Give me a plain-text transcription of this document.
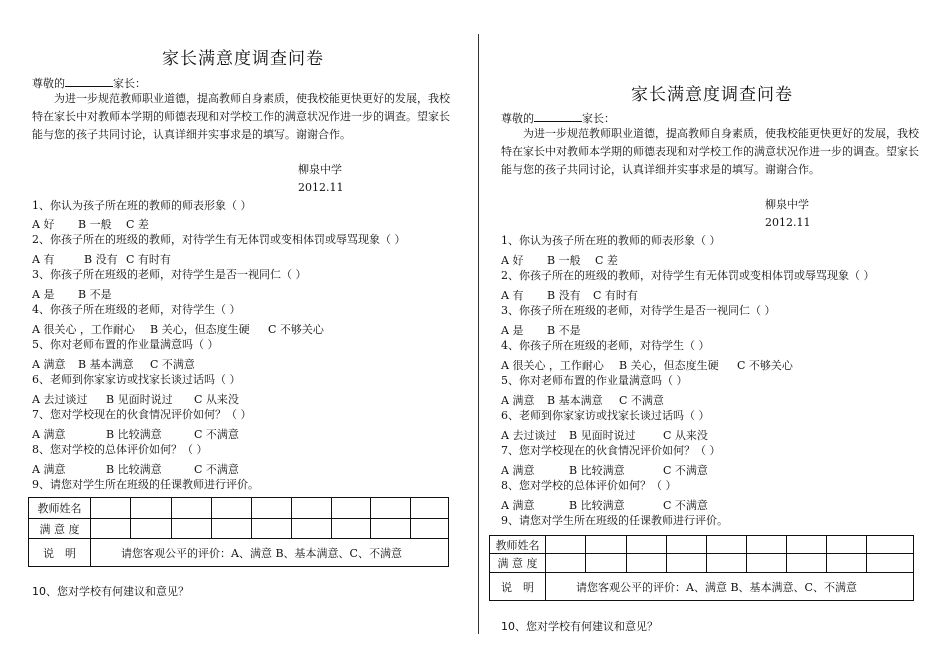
家长满意度调查问卷
尊敬的	家长：
为进一步规范教师职业道德，提高教师自身素质，使我校能更快更好的发展，我校特在家长中对教师本学期的师德表现和对学校工作的满意状况作进一步的调查。望家长能与您的孩子共同讨论，认真详细并实事求是的填写。谢谢合作。
柳泉中学
2012.11
1、你认为孩子所在班的教师的师表形象（ ）
A 好 B 一般 C 差
2、你孩子所在的班级的教师，对待学生有无体罚或变相体罚或辱骂现象（ ）
A 有	B 没有 C 有时有
3、你孩子所在班级的老师，对待学生是否一视同仁（ ）
A 是 B 不是
4、你孩子所在班级的老师，对待学生（ ）
A 很关心 ，工作耐心 B 关心，但态度生硬 C 不够关心
5、你对老师布置的作业量满意吗（ ）
A 满意 B 基本满意 C 不满意
6、老师到你家家访或找家长谈过话吗（ ）
A 去过谈过 B 见面时说过 C 从来没
7、您对学校现在的伙食情况评价如何？（ ）
A 满意	B 比较满意	C 不满意
8、您对学校的总体评价如何？（ ）
A 满意	B 比较满意	C 不满意
9、请您对学生所在班级的任课教师进行评价。
教师姓名									
满 意 度									
说　明	请您客观公平的评价：A、满意 B、基本满意、C、不满意								
10、您对学校有何建议和意见？
家长满意度调查问卷
尊敬的	家长：
为进一步规范教师职业道德，提高教师自身素质，使我校能更快更好的发展，我校特在家长中对教师本学期的师德表现和对学校工作的满意状况作进一步的调查。望家长能与您的孩子共同讨论，认真详细并实事求是的填写。谢谢合作。
柳泉中学
2012.11
1、你认为孩子所在班的教师的师表形象（ ）
A 好 B 一般 C 差
2、你孩子所在的班级的教师，对待学生有无体罚或变相体罚或辱骂现象（ ）
A 有 B 没有 C 有时有
3、你孩子所在班级的老师，对待学生是否一视同仁（ ）
A 是 B 不是
4、你孩子所在班级的老师，对待学生（ ）
A 很关心 ，工作耐心 B 关心，但态度生硬 C 不够关心
5、你对老师布置的作业量满意吗（ ）
A 满意 B 基本满意 C 不满意
6、老师到你家家访或找家长谈过话吗（ ）
A 去过谈过 B 见面时说过 C 从来没
7、您对学校现在的伙食情况评价如何？（ ）
A 满意	B 比较满意	C 不满意
8、您对学校的总体评价如何？（ ）
A 满意	B 比较满意	C 不满意
9、请您对学生所在班级的任课教师进行评价。
教师姓名									
满 意 度									
说　明	请您客观公平的评价：A、满意 B、基本满意、C、不满意								
10、您对学校有何建议和意见？
